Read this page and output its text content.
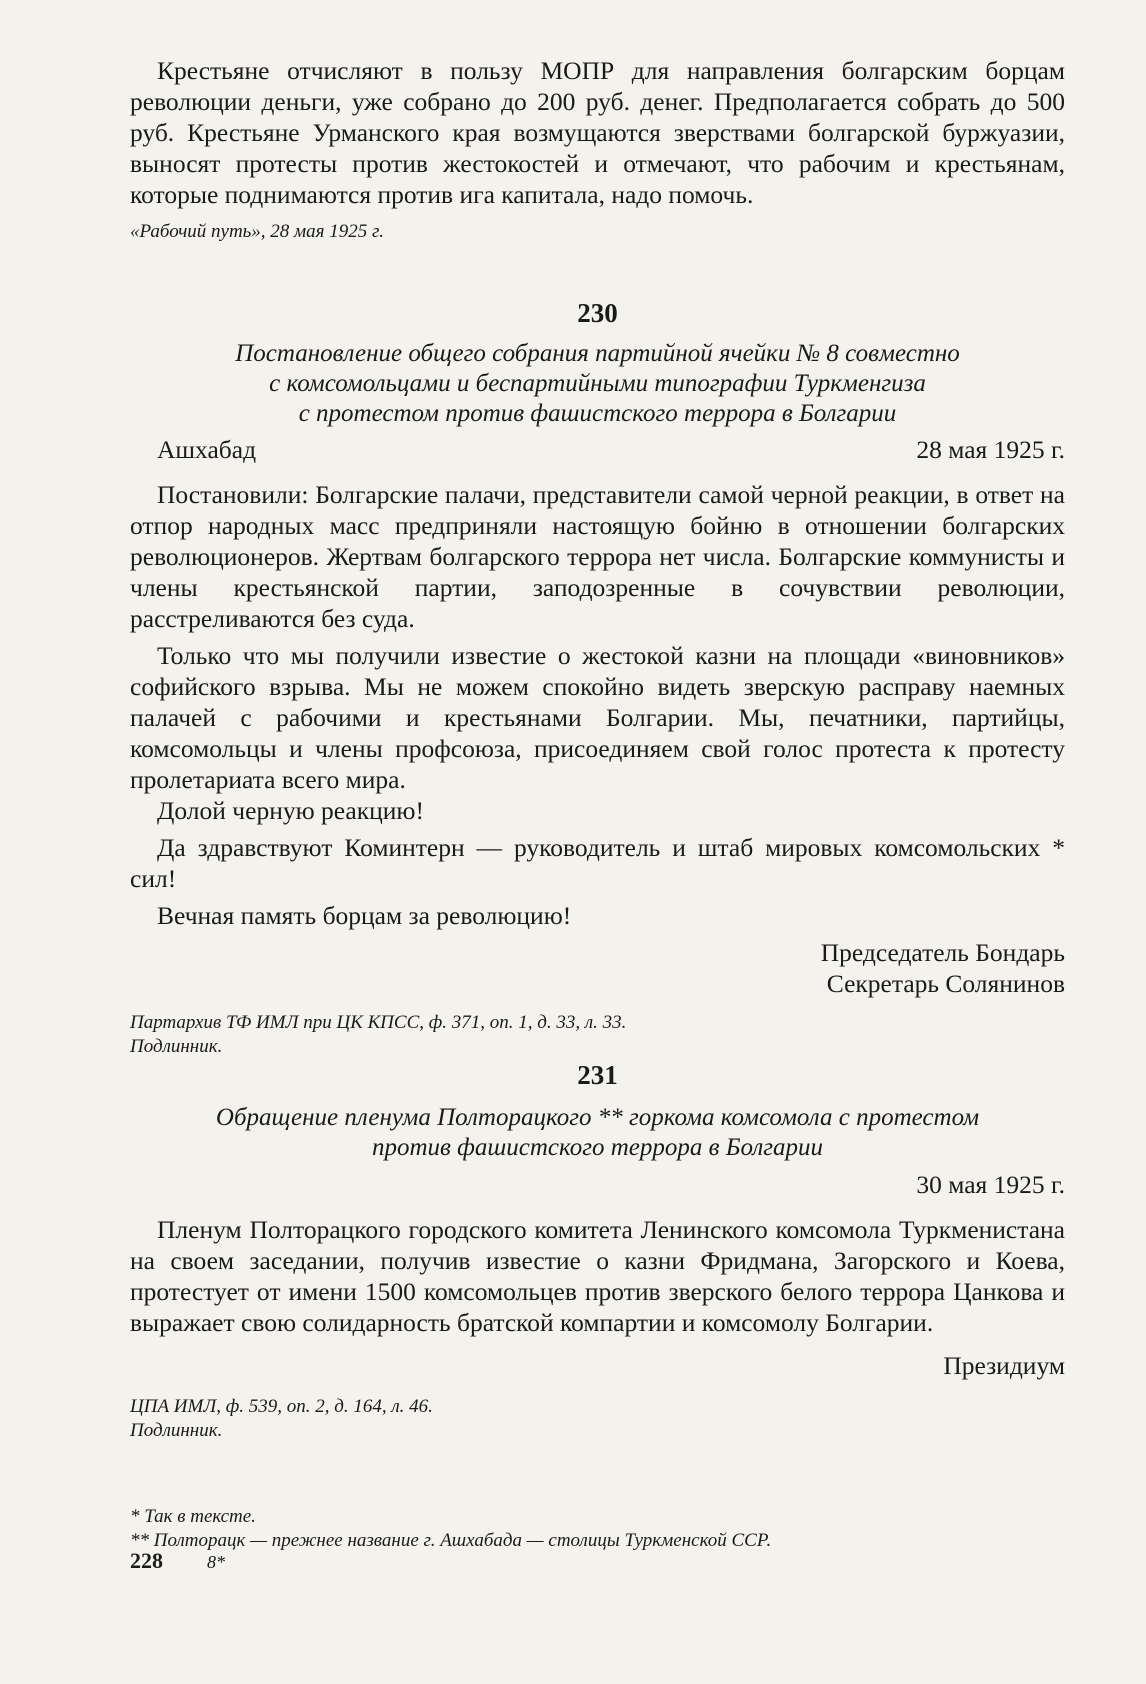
Крестьяне отчисляют в пользу МОПР для направления болгарским борцам революции деньги, уже собрано до 200 руб. денег. Предполагается собрать до 500 руб. Крестьяне Урманского края возмущаются зверствами болгарской буржуазии, выносят протесты против жестокостей и отмечают, что рабочим и крестьянам, которые поднимаются против ига капитала, надо помочь.

«Рабочий путь», 28 мая 1925 г.

230

Постановление общего собрания партийной ячейки № 8 совместно

с комсомольцами и беспартийными типографии Туркменгиза

с протестом против фашистского террора в Болгарии

Ашхабад	28 мая 1925 г.

Постановили: Болгарские палачи, представители самой черной реакции, в ответ на отпор народных масс предприняли настоящую бойню в отношении болгарских революционеров. Жертвам болгарского террора нет числа. Болгарские коммунисты и члены крестьянской партии, заподозренные в сочувствии революции, расстреливаются без суда.

Только что мы получили известие о жестокой казни на площади «виновников» софийского взрыва. Мы не можем спокойно видеть зверскую расправу наемных палачей с рабочими и крестьянами Болгарии. Мы, печатники, партийцы, комсомольцы и члены профсоюза, присоединяем свой голос протеста к протесту пролетариата всего мира.

Долой черную реакцию!

Да здравствуют Коминтерн — руководитель и штаб мировых комсомольских * сил!

Вечная память борцам за революцию!

Председатель Бондарь

Секретарь Солянинов

Партархив ТФ ИМЛ при ЦК КПСС, ф. 371, оп. 1, д. 33, л. 33.

Подлинник.

231

Обращение пленума Полторацкого ** горкома комсомола с протестом

против фашистского террора в Болгарии

30 мая 1925 г.

Пленум Полторацкого городского комитета Ленинского комсомола Туркменистана на своем заседании, получив известие о казни Фридмана, Загорского и Коева, протестует от имени 1500 комсомольцев против зверского белого террора Цанкова и выражает свою солидарность братской компартии и комсомолу Болгарии.

Президиум

ЦПА ИМЛ, ф. 539, оп. 2, д. 164, л. 46.

Подлинник.

* Так в тексте.

** Полторацк — прежнее название г. Ашхабада — столицы Туркменской ССР.

228 8*
